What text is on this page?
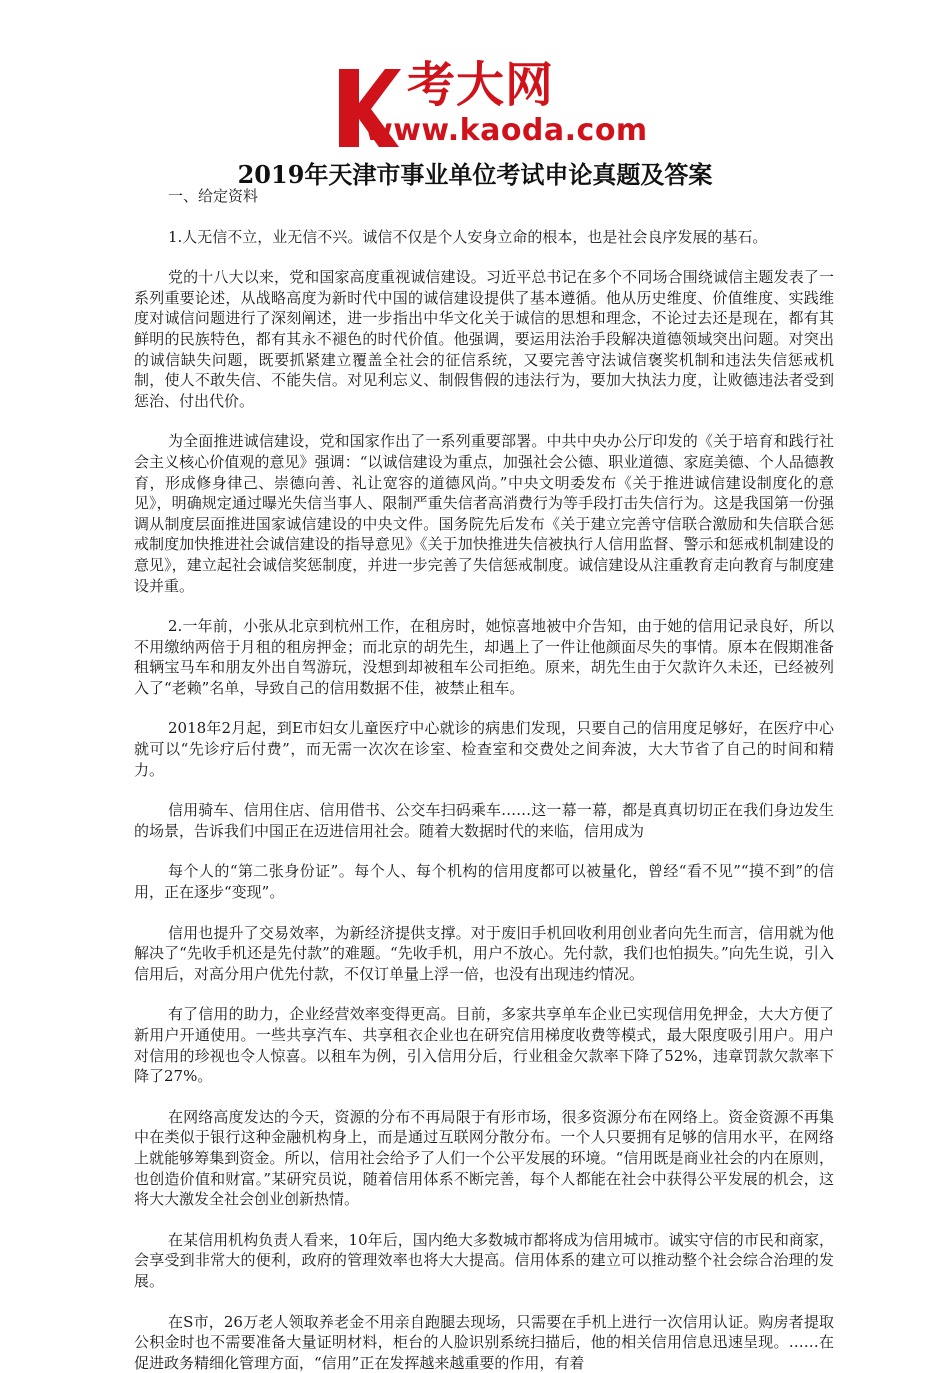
考大网
www.kaoda.com
2019年天津市事业单位考试申论真题及答案
一、给定资料

1.人无信不立，业无信不兴。诚信不仅是个人安身立命的根本，也是社会良序发展的基石。

党的十八大以来，党和国家高度重视诚信建设。习近平总书记在多个不同场合围绕诚信主题发表了一系列重要论述，从战略高度为新时代中国的诚信建设提供了基本遵循。他从历史维度、价值维度、实践维度对诚信问题进行了深刻阐述，进一步指出中华文化关于诚信的思想和理念，不论过去还是现在，都有其鲜明的民族特色，都有其永不褪色的时代价值。他强调，要运用法治手段解决道德领域突出问题。对突出的诚信缺失问题，既要抓紧建立覆盖全社会的征信系统，又要完善守法诚信褒奖机制和违法失信惩戒机制，使人不敢失信、不能失信。对见利忘义、制假售假的违法行为，要加大执法力度，让败德违法者受到惩治、付出代价。

为全面推进诚信建设，党和国家作出了一系列重要部署。中共中央办公厅印发的《关于培育和践行社会主义核心价值观的意见》强调：“以诚信建设为重点，加强社会公德、职业道德、家庭美德、个人品德教育，形成修身律己、崇德向善、礼让宽容的道德风尚。”中央文明委发布《关于推进诚信建设制度化的意见》，明确规定通过曝光失信当事人、限制严重失信者高消费行为等手段打击失信行为。这是我国第一份强调从制度层面推进国家诚信建设的中央文件。国务院先后发布《关于建立完善守信联合激励和失信联合惩戒制度加快推进社会诚信建设的指导意见》《关于加快推进失信被执行人信用监督、警示和惩戒机制建设的意见》，建立起社会诚信奖惩制度，并进一步完善了失信惩戒制度。诚信建设从注重教育走向教育与制度建设并重。

2.一年前，小张从北京到杭州工作，在租房时，她惊喜地被中介告知，由于她的信用记录良好，所以不用缴纳两倍于月租的租房押金；而北京的胡先生，却遇上了一件让他颜面尽失的事情。原本在假期准备租辆宝马车和朋友外出自驾游玩，没想到却被租车公司拒绝。原来，胡先生由于欠款许久未还，已经被列入了“老赖”名单，导致自己的信用数据不佳，被禁止租车。

2018年2月起，到E市妇女儿童医疗中心就诊的病患们发现，只要自己的信用度足够好，在医疗中心就可以“先诊疗后付费”，而无需一次次在诊室、检查室和交费处之间奔波，大大节省了自己的时间和精力。

信用骑车、信用住店、信用借书、公交车扫码乘车……这一幕一幕，都是真真切切正在我们身边发生的场景，告诉我们中国正在迈进信用社会。随着大数据时代的来临，信用成为

每个人的“第二张身份证”。每个人、每个机构的信用度都可以被量化，曾经“看不见”“摸不到”的信用，正在逐步“变现”。

信用也提升了交易效率，为新经济提供支撑。对于废旧手机回收利用创业者向先生而言，信用就为他解决了“先收手机还是先付款”的难题。“先收手机，用户不放心。先付款，我们也怕损失。”向先生说，引入信用后，对高分用户优先付款，不仅订单量上浮一倍，也没有出现违约情况。

有了信用的助力，企业经营效率变得更高。目前，多家共享单车企业已实现信用免押金，大大方便了新用户开通使用。一些共享汽车、共享租衣企业也在研究信用梯度收费等模式，最大限度吸引用户。用户对信用的珍视也令人惊喜。以租车为例，引入信用分后，行业租金欠款率下降了52%，违章罚款欠款率下降了27%。

在网络高度发达的今天，资源的分布不再局限于有形市场，很多资源分布在网络上。资金资源不再集中在类似于银行这种金融机构身上，而是通过互联网分散分布。一个人只要拥有足够的信用水平，在网络上就能够筹集到资金。所以，信用社会给予了人们一个公平发展的环境。“信用既是商业社会的内在原则，也创造价值和财富。”某研究员说，随着信用体系不断完善，每个人都能在社会中获得公平发展的机会，这将大大激发全社会创业创新热情。

在某信用机构负责人看来，10年后，国内绝大多数城市都将成为信用城市。诚实守信的市民和商家，会享受到非常大的便利，政府的管理效率也将大大提高。信用体系的建立可以推动整个社会综合治理的发展。

在S市，26万老人领取养老金不用亲自跑腿去现场，只需要在手机上进行一次信用认证。购房者提取公积金时也不需要准备大量证明材料，柜台的人脸识别系统扫描后，他的相关信用信息迅速呈现。……在促进政务精细化管理方面，“信用”正在发挥越来越重要的作用，有着
